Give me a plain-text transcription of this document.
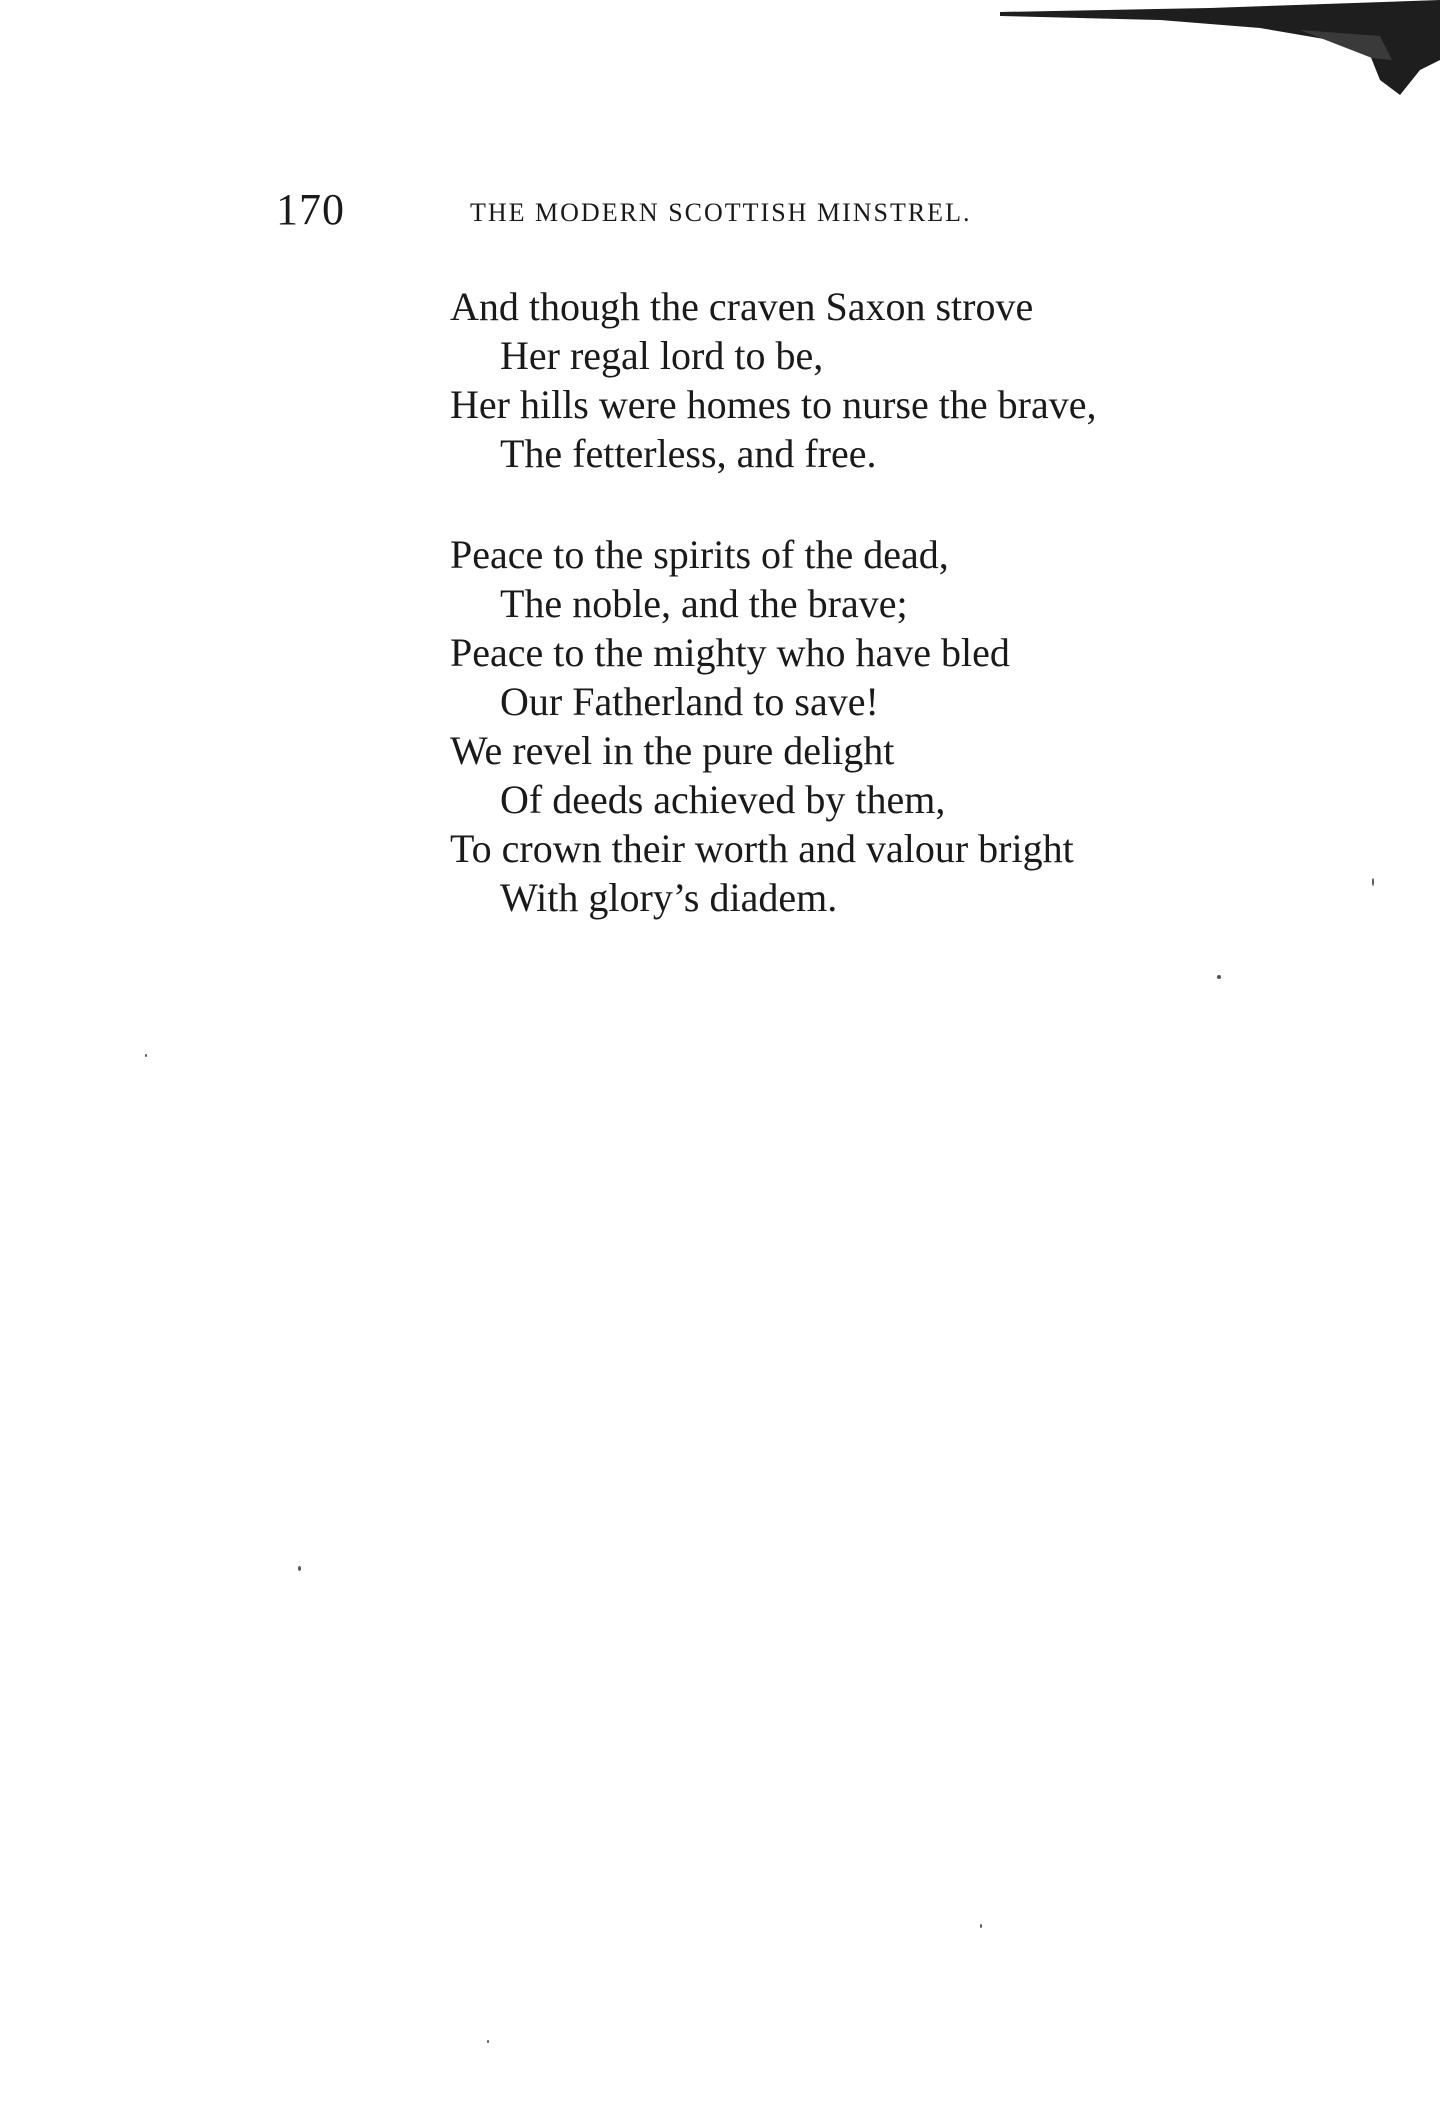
170	THE MODERN SCOTTISH MINSTREL.
And though the craven Saxon strove
Her regal lord to be,
Her hills were homes to nurse the brave,
The fetterless, and free.
Peace to the spirits of the dead,
The noble, and the brave;
Peace to the mighty who have bled
Our Fatherland to save!
We revel in the pure delight
Of deeds achieved by them,
To crown their worth and valour bright
With glory’s diadem.
